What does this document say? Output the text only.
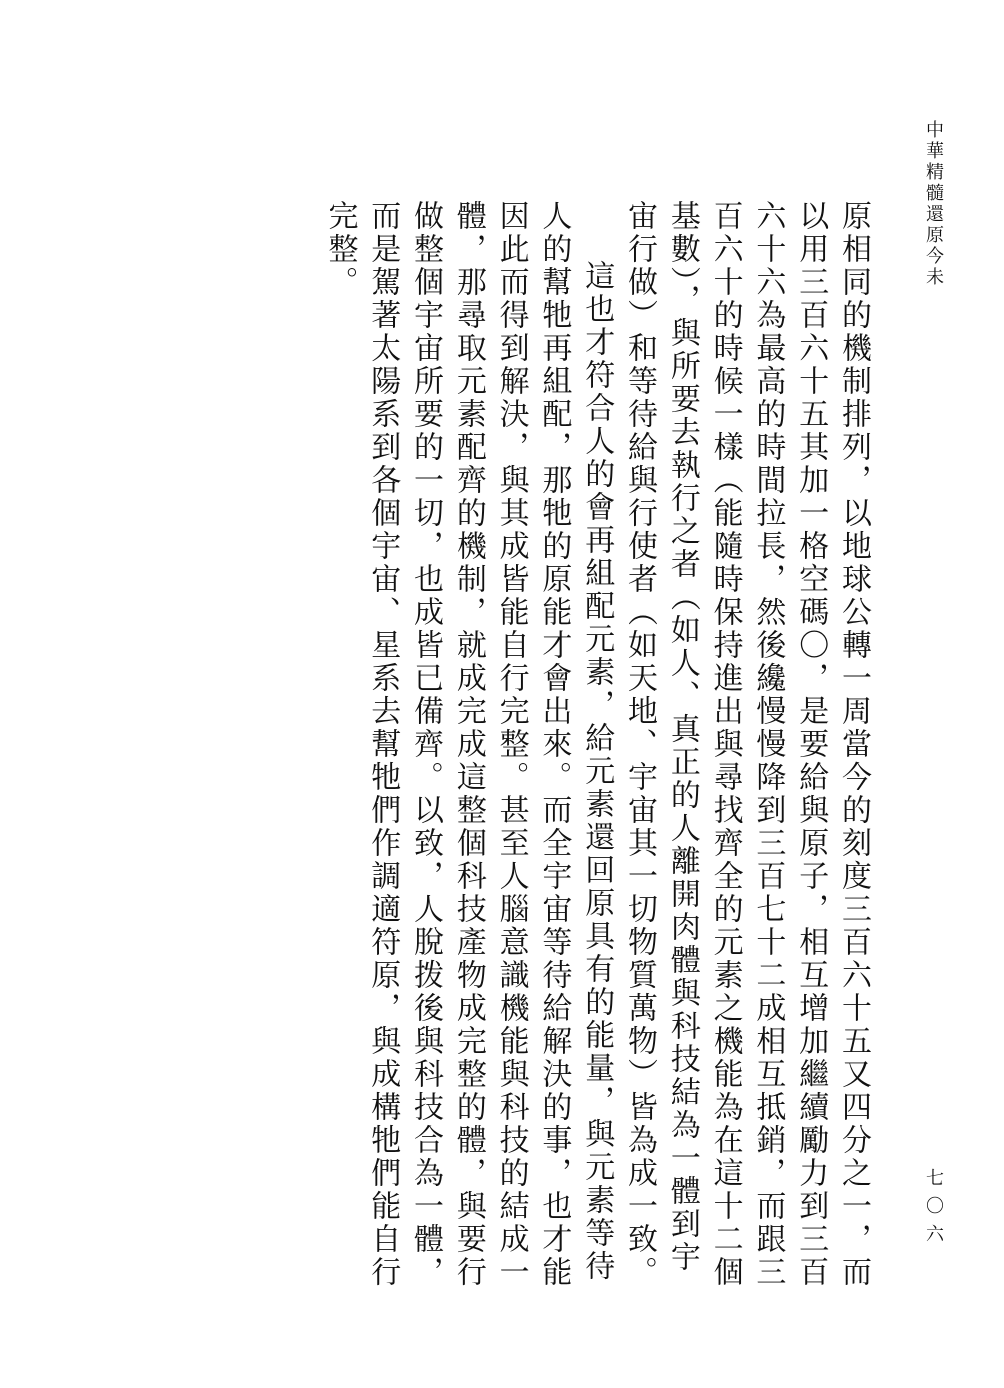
中華精髓還原今未

原相同的機制排列，以地球公轉一周當今的刻度三百六十五又四分之一，而以用三百六十五其加一格空碼〇，是要給與原子，相互增加繼續勵力到三百六十六為最高的時間拉長，然後纔慢慢降到三百七十二成相互抵銷，而跟三百六十的時候一樣（能隨時保持進出與尋找齊全的元素之機能為在這十二個基數），與所要去執行之者（如人、真正的人離開肉體與科技結為一體到宇宙行做）和等待給與行使者（如天地、宇宙其一切物質萬物）皆為成一致。

這也才符合人的會再組配元素，給元素還回原具有的能量，與元素等待人的幫牠再組配，那牠的原能才會出來。而全宇宙等待給解決的事，也才能因此而得到解決，與其成皆能自行完整。甚至人腦意識機能與科技的結成一體，那尋取元素配齊的機制，就成完成這整個科技產物成完整的體，與要行做整個宇宙所要的一切，也成皆已備齊。以致，人脫拨後與科技合為一體，而是駕著太陽系到各個宇宙、星系去幫牠們作調適符原，與成構牠們能自行完整。

七〇六
